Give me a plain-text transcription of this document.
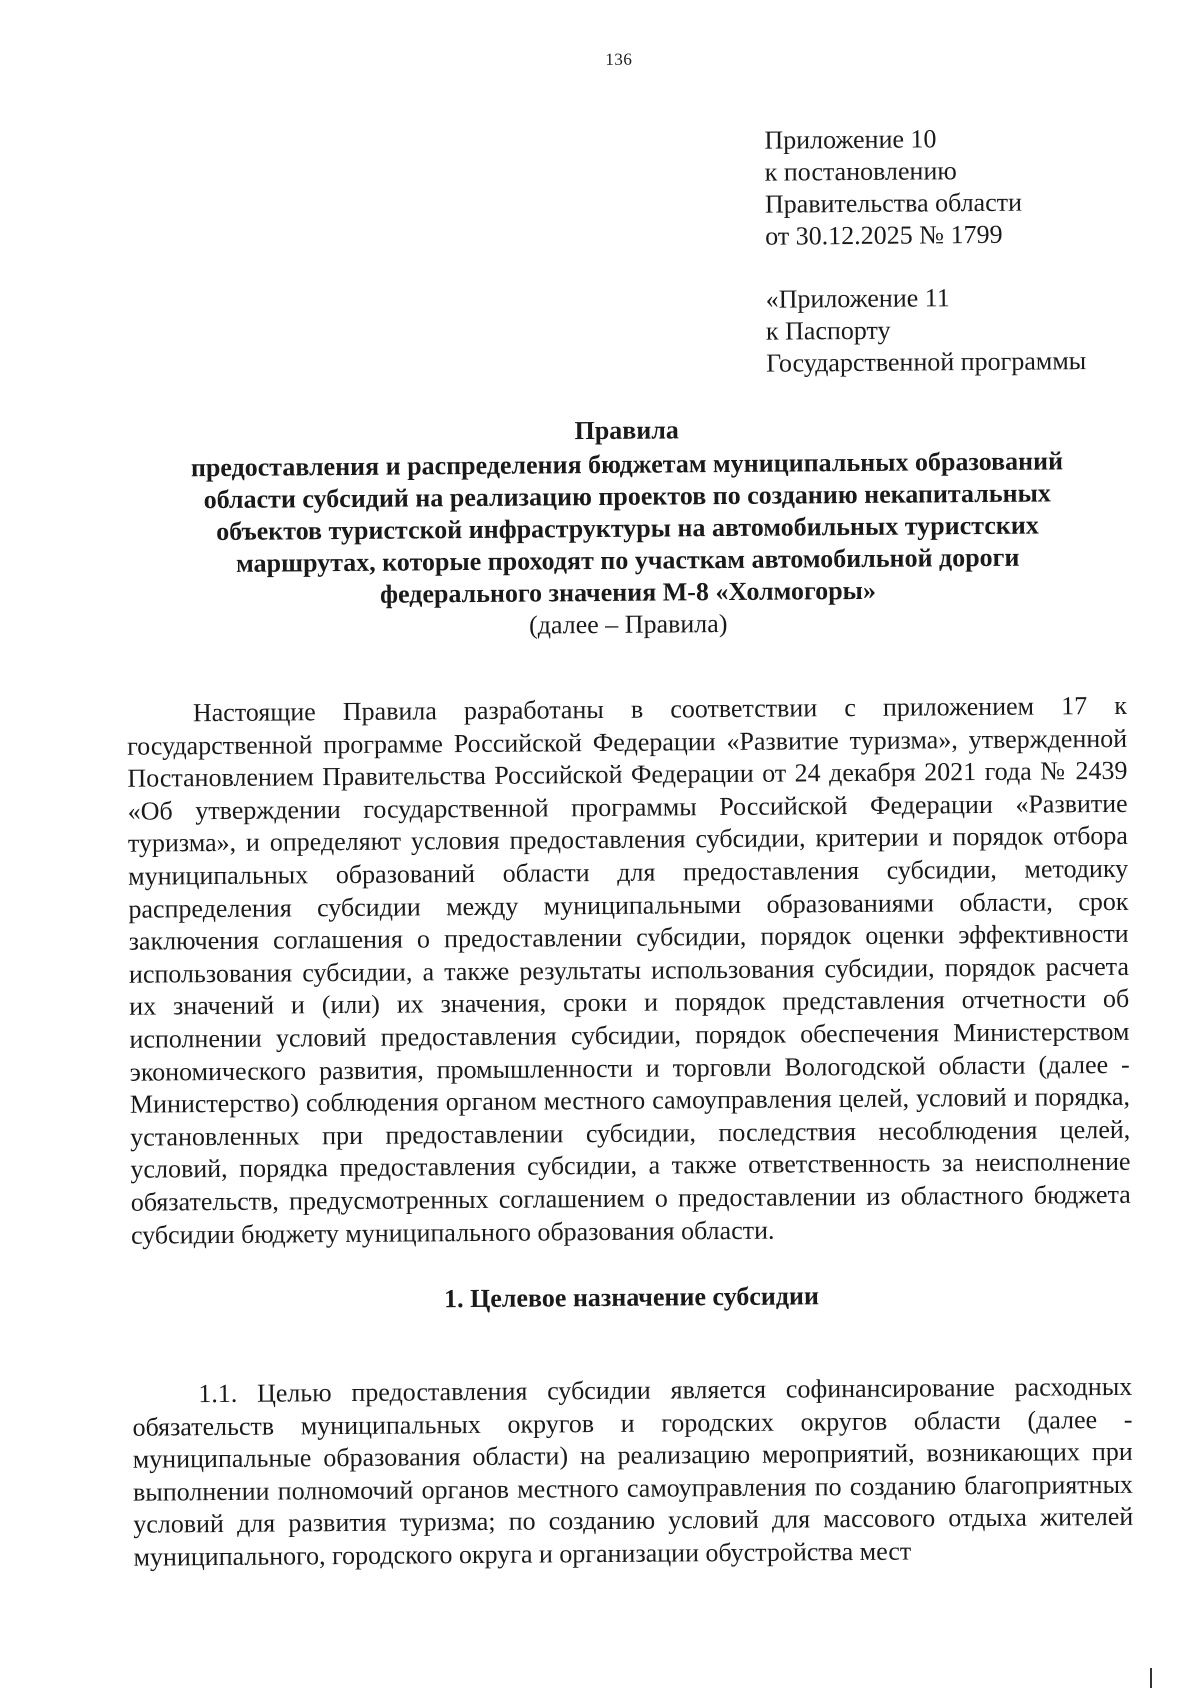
136
Приложение 10
к постановлению
Правительства области
от 30.12.2025 № 1799
«Приложение 11
к Паспорту
Государственной программы
Правила
предоставления и распределения бюджетам муниципальных образований
области субсидий на реализацию проектов по созданию некапитальных
объектов туристской инфраструктуры на автомобильных туристских
маршрутах, которые проходят по участкам автомобильной дороги
федерального значения М-8 «Холмогоры»
(далее – Правила)

Настоящие Правила разработаны в соответствии с приложением 17 к государственной программе Российской Федерации «Развитие туризма», утвержденной Постановлением Правительства Российской Федерации от 24 декабря 2021 года № 2439 «Об утверждении государственной программы Российской Федерации «Развитие туризма», и определяют условия предоставления субсидии, критерии и порядок отбора муниципальных образований области для предоставления субсидии, методику распределения субсидии между муниципальными образованиями области, срок заключения соглашения о предоставлении субсидии, порядок оценки эффективности использования субсидии, а также результаты использования субсидии, порядок расчета их значений и (или) их значения, сроки и порядок представления отчетности об исполнении условий предоставления субсидии, порядок обеспечения Министерством экономического развития, промышленности и торговли Вологодской области (далее - Министерство) соблюдения органом местного самоуправления целей, условий и порядка, установленных при предоставлении субсидии, последствия несоблюдения целей, условий, порядка предоставления субсидии, а также ответственность за неисполнение обязательств, предусмотренных соглашением о предоставлении из областного бюджета субсидии бюджету муниципального образования области.

1. Целевое назначение субсидии

1.1. Целью предоставления субсидии является софинансирование расходных обязательств муниципальных округов и городских округов области (далее - муниципальные образования области) на реализацию мероприятий, возникающих при выполнении полномочий органов местного самоуправления по созданию благоприятных условий для развития туризма; по созданию условий для массового отдыха жителей муниципального, городского округа и организации обустройства мест
